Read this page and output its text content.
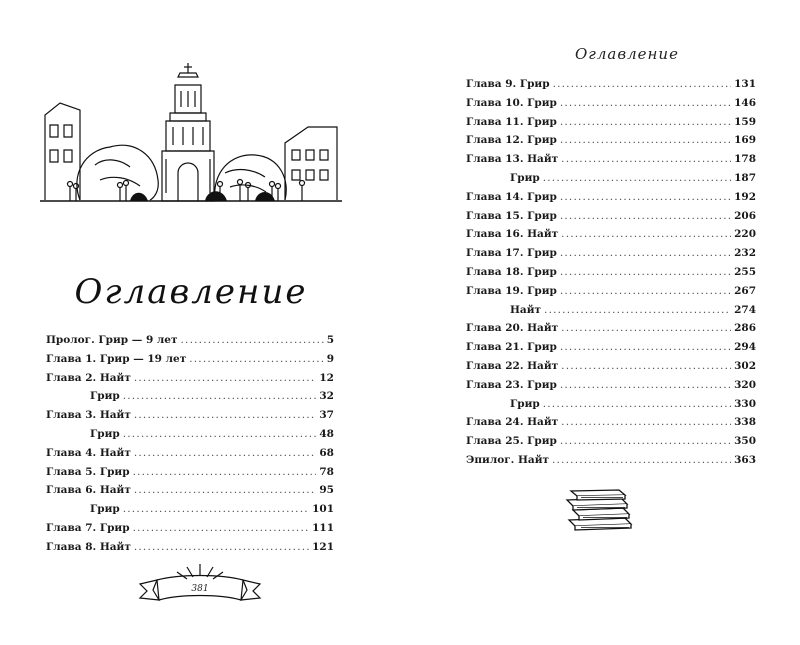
Оглавление
Пролог. Грир — 9 лет .....	5
Глава 1. Грир — 19 лет .....	9
Глава 2. Найт .....	12
Грир .....	32
Глава 3. Найт .....	37
Грир .....	48
Глава 4. Найт .....	68
Глава 5. Грир .....	78
Глава 6. Найт .....	95
Грир .....	101
Глава 7. Грир .....	111
Глава 8. Найт .....	121
381
Оглавление
Глава 9. Грир .....	131
Глава 10. Грир .....	146
Глава 11. Грир .....	159
Глава 12. Грир .....	169
Глава 13. Найт .....	178
Грир .....	187
Глава 14. Грир .....	192
Глава 15. Грир .....	206
Глава 16. Найт .....	220
Глава 17. Грир .....	232
Глава 18. Грир .....	255
Глава 19. Грир .....	267
Найт .....	274
Глава 20. Найт .....	286
Глава 21. Грир .....	294
Глава 22. Найт .....	302
Глава 23. Грир .....	320
Грир .....	330
Глава 24. Найт .....	338
Глава 25. Грир .....	350
Эпилог. Найт .....	363
